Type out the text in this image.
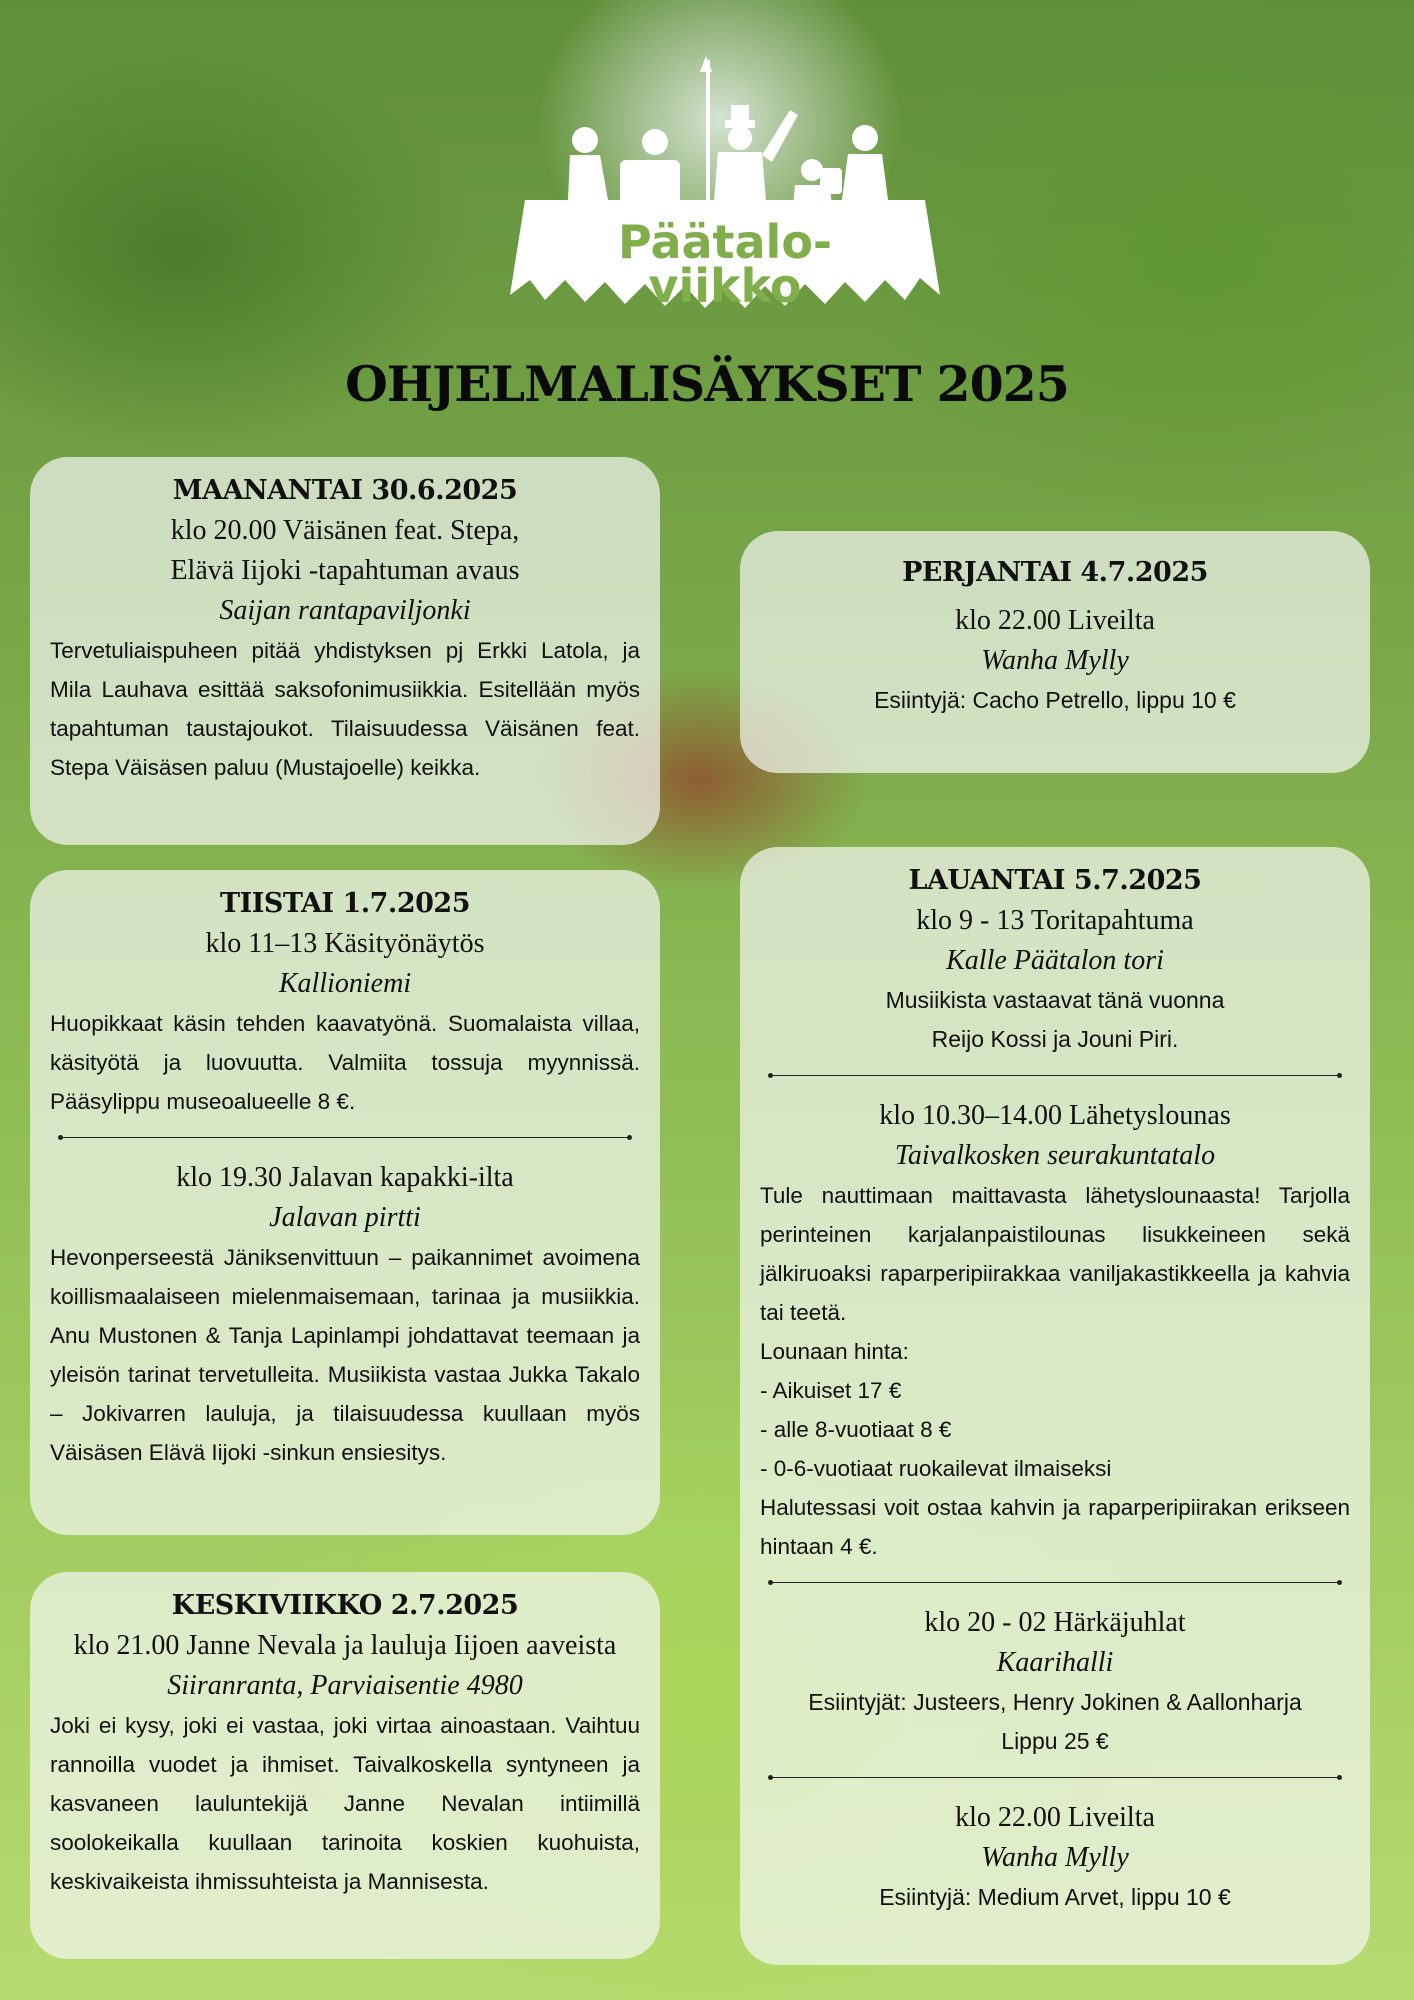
Päätalo-
viikko
OHJELMALISÄYKSET 2025
MAANANTAI 30.6.2025
klo 20.00 Väisänen feat. Stepa,
Elävä Iijoki -tapahtuman avaus
Saijan rantapaviljonki
Tervetuliaispuheen pitää yhdistyksen pj Erkki Latola, ja Mila Lauhava esittää saksofonimusiikkia. Esitellään myös tapahtuman taustajoukot. Tilaisuudessa Väisänen feat. Stepa Väisäsen paluu (Mustajoelle) keikka.
TIISTAI 1.7.2025
klo 11–13 Käsityönäytös
Kallioniemi
Huopikkaat käsin tehden kaavatyönä. Suomalaista villaa, käsityötä ja luovuutta. Valmiita tossuja myynnissä. Pääsylippu museoalueelle 8 €.
klo 19.30 Jalavan kapakki-ilta
Jalavan pirtti
Hevonperseestä Jäniksenvittuun – paikannimet avoimena koillismaalaiseen mielenmaisemaan, tarinaa ja musiikkia. Anu Mustonen & Tanja Lapinlampi johdattavat teemaan ja yleisön tarinat tervetulleita. Musiikista vastaa Jukka Takalo – Jokivarren lauluja, ja tilaisuudessa kuullaan myös Väisäsen Elävä Iijoki -sinkun ensiesitys.
KESKIVIIKKO 2.7.2025
klo 21.00 Janne Nevala ja lauluja Iijoen aaveista
Siiranranta, Parviaisentie 4980
Joki ei kysy, joki ei vastaa, joki virtaa ainoastaan. Vaihtuu rannoilla vuodet ja ihmiset. Taivalkoskella syntyneen ja kasvaneen lauluntekijä Janne Nevalan intiimillä soolokeikalla kuullaan tarinoita koskien kuohuista, keskivaikeista ihmissuhteista ja Mannisesta.
PERJANTAI 4.7.2025
klo 22.00 Liveilta
Wanha Mylly
Esiintyjä: Cacho Petrello, lippu 10 €
LAUANTAI 5.7.2025
klo 9 - 13 Toritapahtuma
Kalle Päätalon tori
Musiikista vastaavat tänä vuonna
Reijo Kossi ja Jouni Piri.
klo 10.30–14.00 Lähetyslounas
Taivalkosken seurakuntatalo
Tule nauttimaan maittavasta lähetyslounaasta! Tarjolla perinteinen karjalanpaistilounas lisukkeineen sekä jälkiruoaksi raparperipiirakkaa vaniljakastikkeella ja kahvia tai teetä.
Lounaan hinta:
- Aikuiset 17 €
- alle 8-vuotiaat 8 €
- 0-6-vuotiaat ruokailevat ilmaiseksi
Halutessasi voit ostaa kahvin ja raparperipiirakan erikseen hintaan 4 €.
klo 20 - 02 Härkäjuhlat
Kaarihalli
Esiintyjät: Justeers, Henry Jokinen & Aallonharja
Lippu 25 €
klo 22.00 Liveilta
Wanha Mylly
Esiintyjä: Medium Arvet, lippu 10 €
